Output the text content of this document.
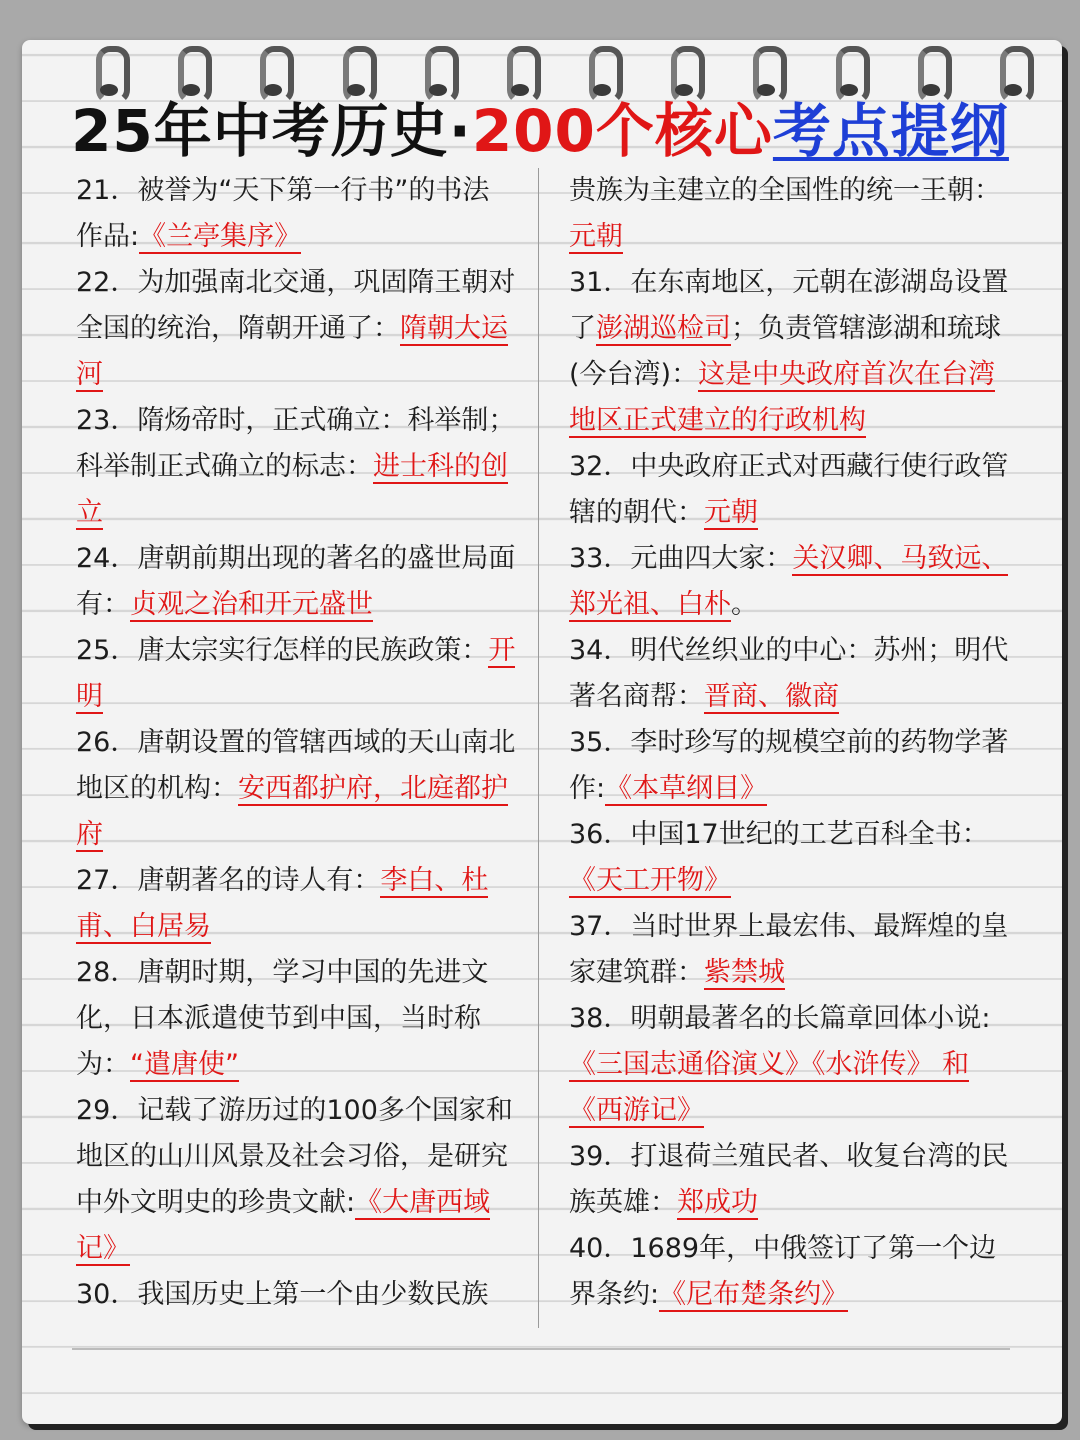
25年中考历史·200个核心考点提纲

21．被誉为“天下第一行书”的书法作品:《兰亭集序》

22．为加强南北交通，巩固隋王朝对全国的统治，隋朝开通了：隋朝大运河

23．隋炀帝时，正式确立：科举制；科举制正式确立的标志：进士科的创立

24．唐朝前期出现的著名的盛世局面有：贞观之治和开元盛世

25．唐太宗实行怎样的民族政策：开明

26．唐朝设置的管辖西域的天山南北地区的机构：安西都护府，北庭都护府

27．唐朝著名的诗人有：李白、杜甫、白居易

28．唐朝时期，学习中国的先进文化，日本派遣使节到中国，当时称为：“遣唐使”

29．记载了游历过的100多个国家和地区的山川风景及社会习俗，是研究中外文明史的珍贵文献:《大唐西域记》

30．我国历史上第一个由少数民族

贵族为主建立的全国性的统一王朝：元朝

31．在东南地区，元朝在澎湖岛设置了澎湖巡检司；负责管辖澎湖和琉球(今台湾)：这是中央政府首次在台湾地区正式建立的行政机构

32．中央政府正式对西藏行使行政管辖的朝代：元朝

33．元曲四大家：关汉卿、马致远、郑光祖、白朴。

34．明代丝织业的中心：苏州；明代著名商帮：晋商、徽商

35．李时珍写的规模空前的药物学著作:《本草纲目》

36．中国17世纪的工艺百科全书：《天工开物》

37．当时世界上最宏伟、最辉煌的皇家建筑群：紫禁城

38．明朝最著名的长篇章回体小说:《三国志通俗演义》《水浒传》 和《西游记》

39．打退荷兰殖民者、收复台湾的民族英雄：郑成功

40．1689年，中俄签订了第一个边界条约:《尼布楚条约》
